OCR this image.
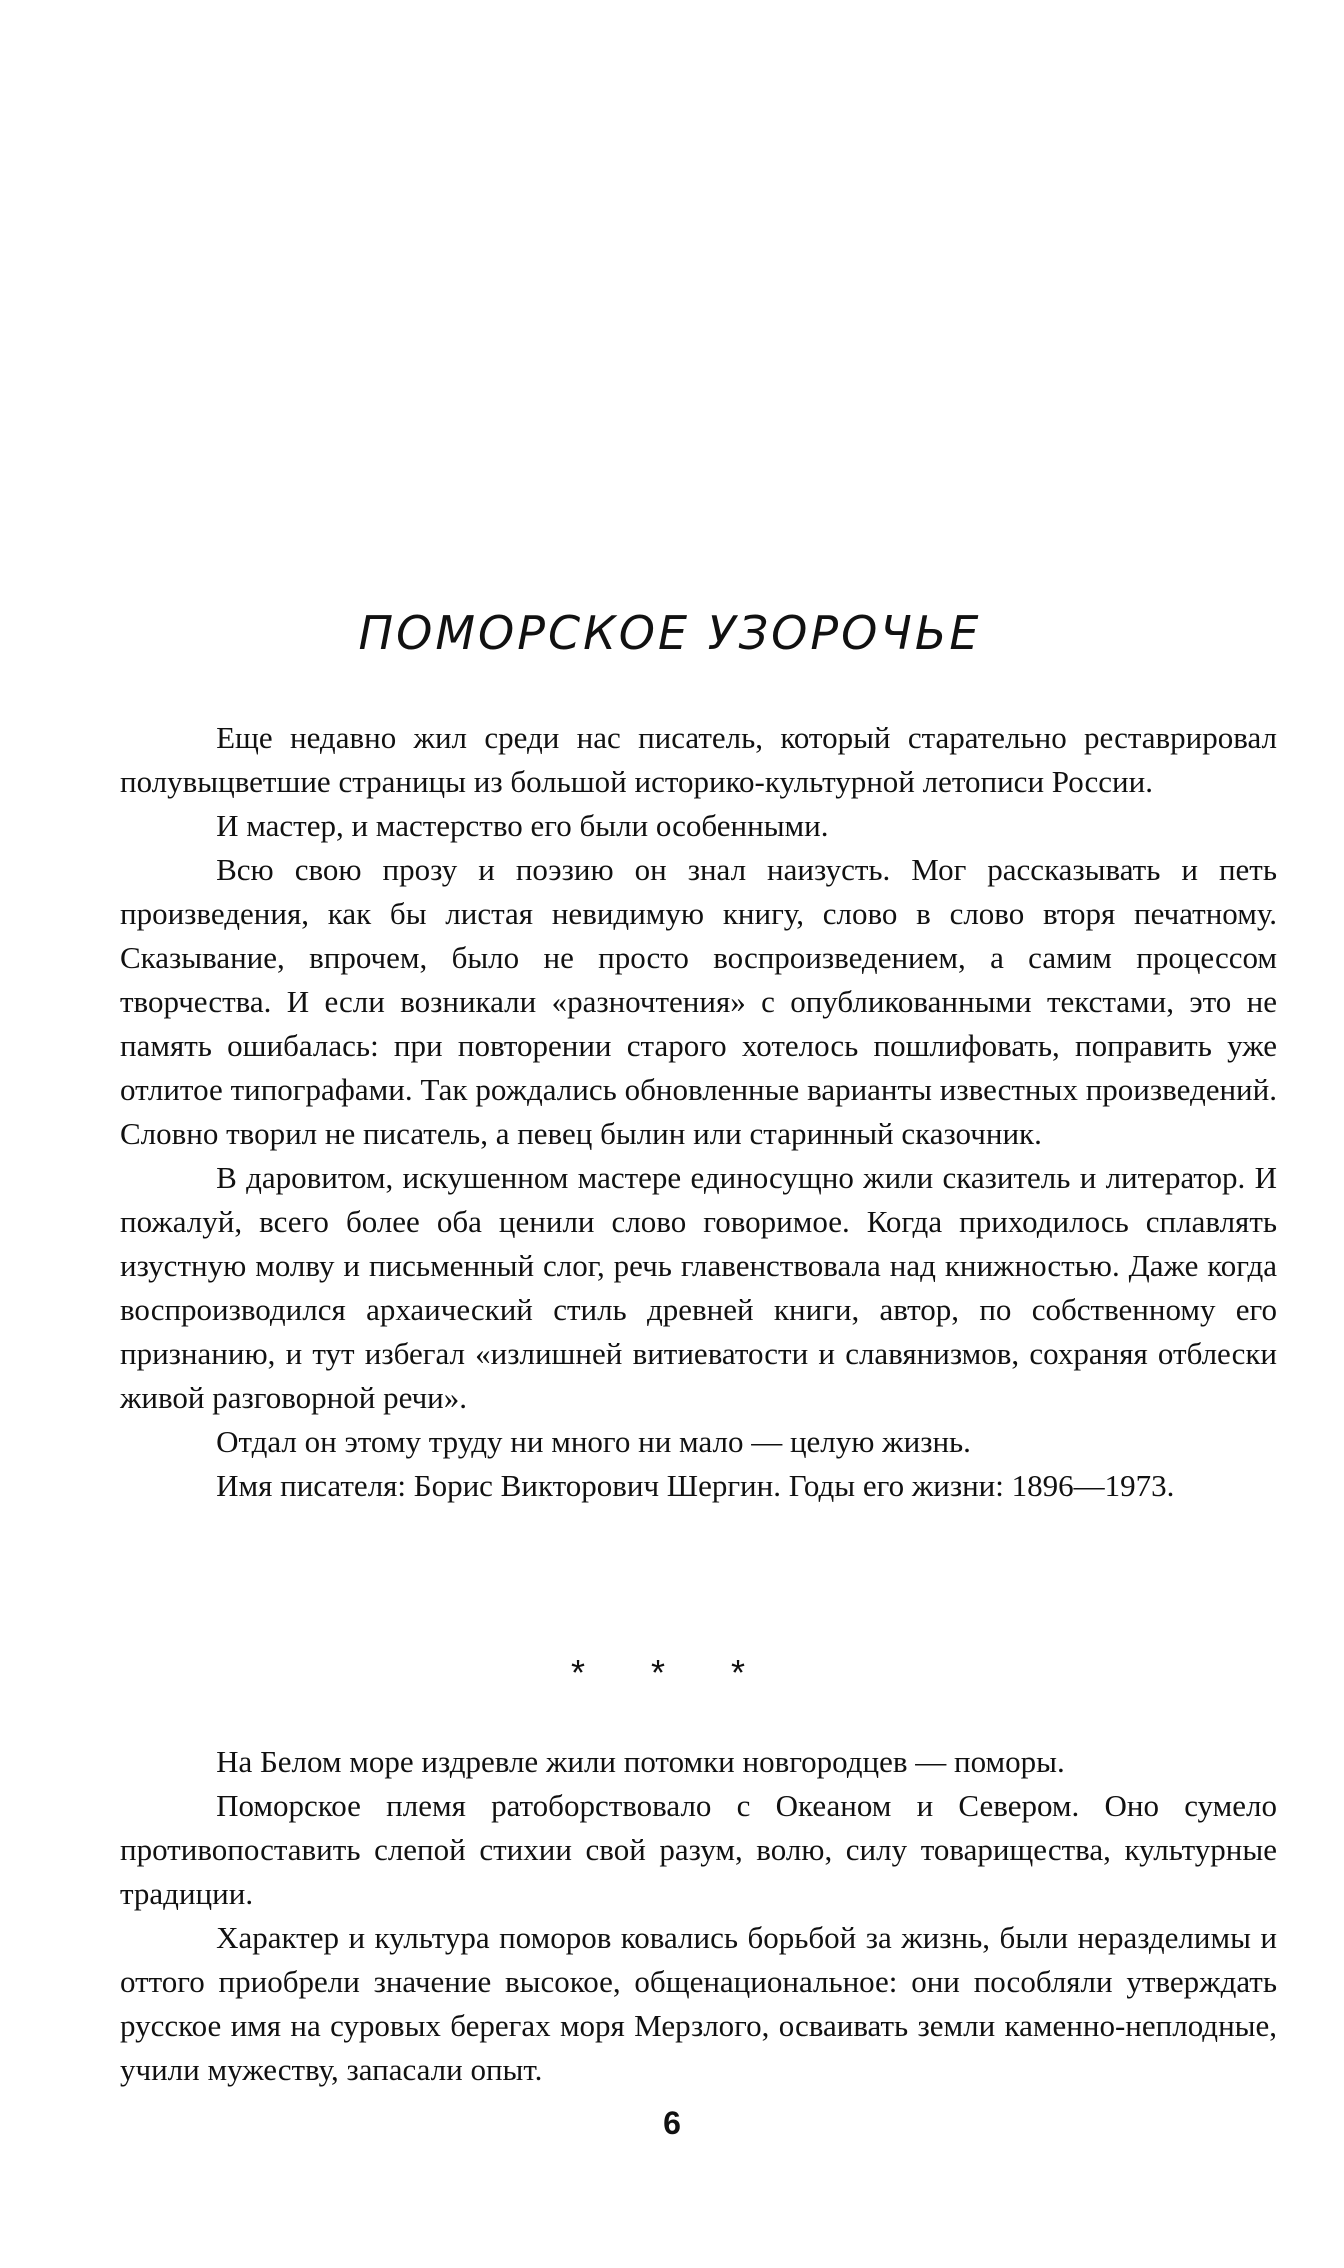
ПОМОРСКОЕ УЗОРОЧЬЕ

Еще недавно жил среди нас писатель, который старательно реставрировал полувыцветшие страницы из большой историко-культурной летописи России.

И мастер, и мастерство его были особенными.

Всю свою прозу и поэзию он знал наизусть. Мог рассказывать и петь произведения, как бы листая невидимую книгу, слово в слово вторя печатному. Сказывание, впрочем, было не просто воспроизведением, а самим процессом творчества. И если возникали «разночтения» с опубликованными текстами, это не память ошибалась: при повторении старого хотелось пошлифовать, поправить уже отлитое типографами. Так рождались обновленные варианты известных произведений. Словно творил не писатель, а певец былин или старинный сказочник.

В даровитом, искушенном мастере единосущно жили сказитель и литератор. И пожалуй, всего более оба ценили слово говоримое. Когда приходилось сплавлять изустную молву и письменный слог, речь главенствовала над книжностью. Даже когда воспроизводился архаический стиль древней книги, автор, по собственному его признанию, и тут избегал «излишней витиеватости и славянизмов, сохраняя отблески живой разговорной речи».

Отдал он этому труду ни много ни мало — целую жизнь.

Имя писателя: Борис Викторович Шергин. Годы его жизни: 1896—1973.

* * *

На Белом море издревле жили потомки новгородцев — поморы.

Поморское племя ратоборствовало с Океаном и Севером. Оно сумело противопоставить слепой стихии свой разум, волю, силу товарищества, культурные традиции.

Характер и культура поморов ковались борьбой за жизнь, были неразделимы и оттого приобрели значение высокое, общенациональное: они пособляли утверждать русское имя на суровых берегах моря Мерзлого, осваивать земли каменно-неплодные, учили мужеству, запасали опыт.

6
